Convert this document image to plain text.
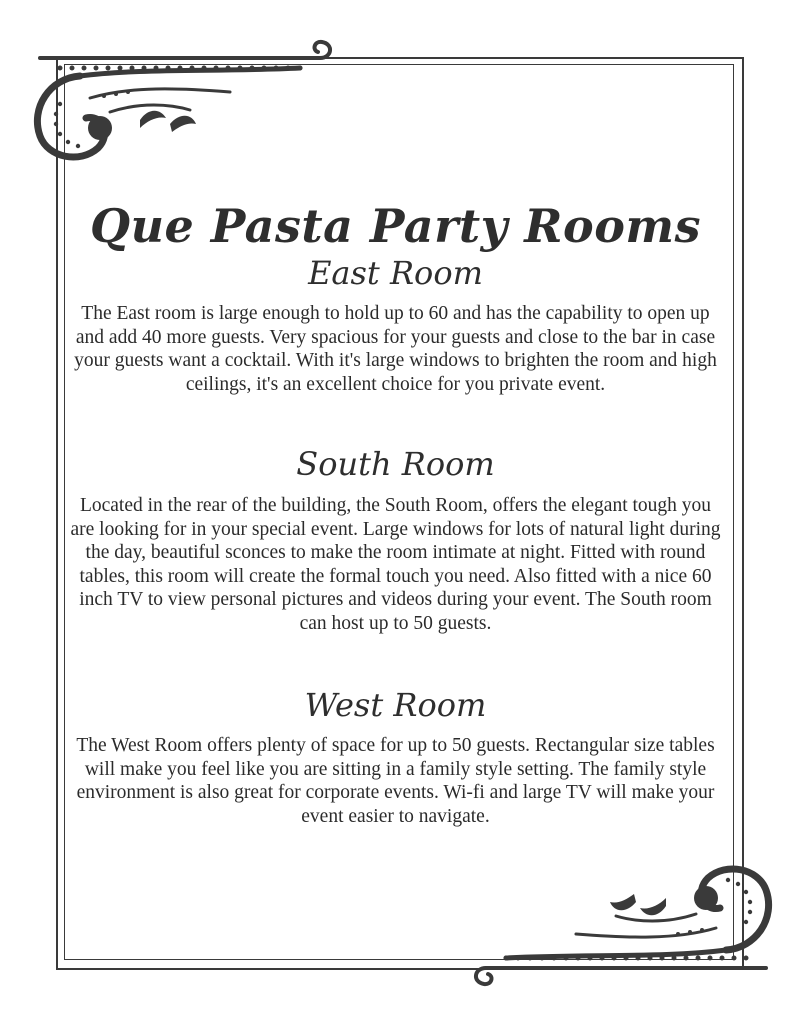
Que Pasta Party Rooms
East Room

The East room is large enough to hold up to 60 and has the capability to open up and add 40 more guests. Very spacious for your guests and close to the bar in case your guests want a cocktail. With it's large windows to brighten the room and high ceilings, it's an excellent choice for you private event.

South Room

Located in the rear of the building, the South Room, offers the elegant tough you are looking for in your special event. Large windows for lots of natural light during the day, beautiful sconces to make the room intimate at night. Fitted with round tables, this room will create the formal touch you need. Also fitted with a nice 60 inch TV to view personal pictures and videos during your event. The South room can host up to 50 guests.

West Room

The West Room offers plenty of space for up to 50 guests. Rectangular size tables will make you feel like you are sitting in a family style setting. The family style environment is also great for corporate events. Wi-fi and large TV will make your event easier to navigate.
